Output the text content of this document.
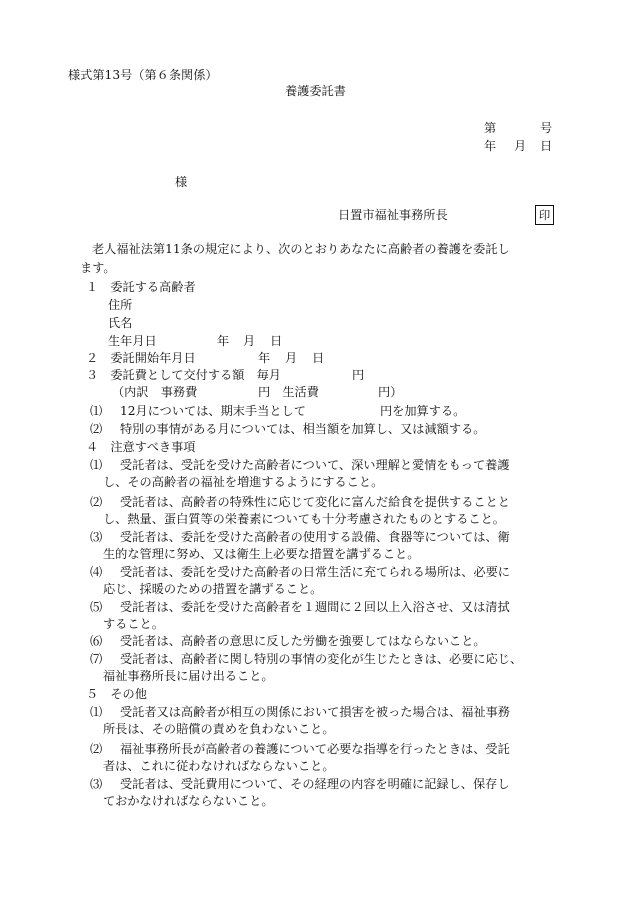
様式第13号（第６条関係）
養護委託書
第	号
年 月 日
様
日置市福祉事務所長	印
老人福祉法第11条の規定により、次のとおりあなたに高齢者の養護を委託し
ます。
１　委託する高齢者
住所
氏名
生年月日	年 月 日
２　委託開始年月日	年 月 日
３　委託費として交付する額　毎月	円
（内訳　事務費	円　生活費	円）
⑴ 12月については、期末手当として	円を加算する。
⑵ 特別の事情がある月については、相当額を加算し、又は減額する。
４　注意すべき事項
⑴ 受託者は、受託を受けた高齢者について、深い理解と愛情をもって養護
し、その高齢者の福祉を増進するようにすること。
⑵ 受託者は、高齢者の特殊性に応じて変化に富んだ給食を提供することと
し、熱量、蛋白質等の栄養素についても十分考慮されたものとすること。
⑶ 受託者は、委託を受けた高齢者の使用する設備、食器等については、衛
生的な管理に努め、又は衛生上必要な措置を講ずること。
⑷ 受託者は、委託を受けた高齢者の日常生活に充てられる場所は、必要に
応じ、採暖のための措置を講ずること。
⑸ 受託者は、委託を受けた高齢者を１週間に２回以上入浴させ、又は清拭
すること。
⑹ 受託者は、高齢者の意思に反した労働を強要してはならないこと。
⑺ 受託者は、高齢者に関し特別の事情の変化が生じたときは、必要に応じ、
福祉事務所長に届け出ること。
５　その他
⑴ 受託者又は高齢者が相互の関係において損害を被った場合は、福祉事務
所長は、その賠償の責めを負わないこと。
⑵ 福祉事務所長が高齢者の養護について必要な指導を行ったときは、受託
者は、これに従わなければならないこと。
⑶ 受託者は、受託費用について、その経理の内容を明確に記録し、保存し
ておかなければならないこと。
